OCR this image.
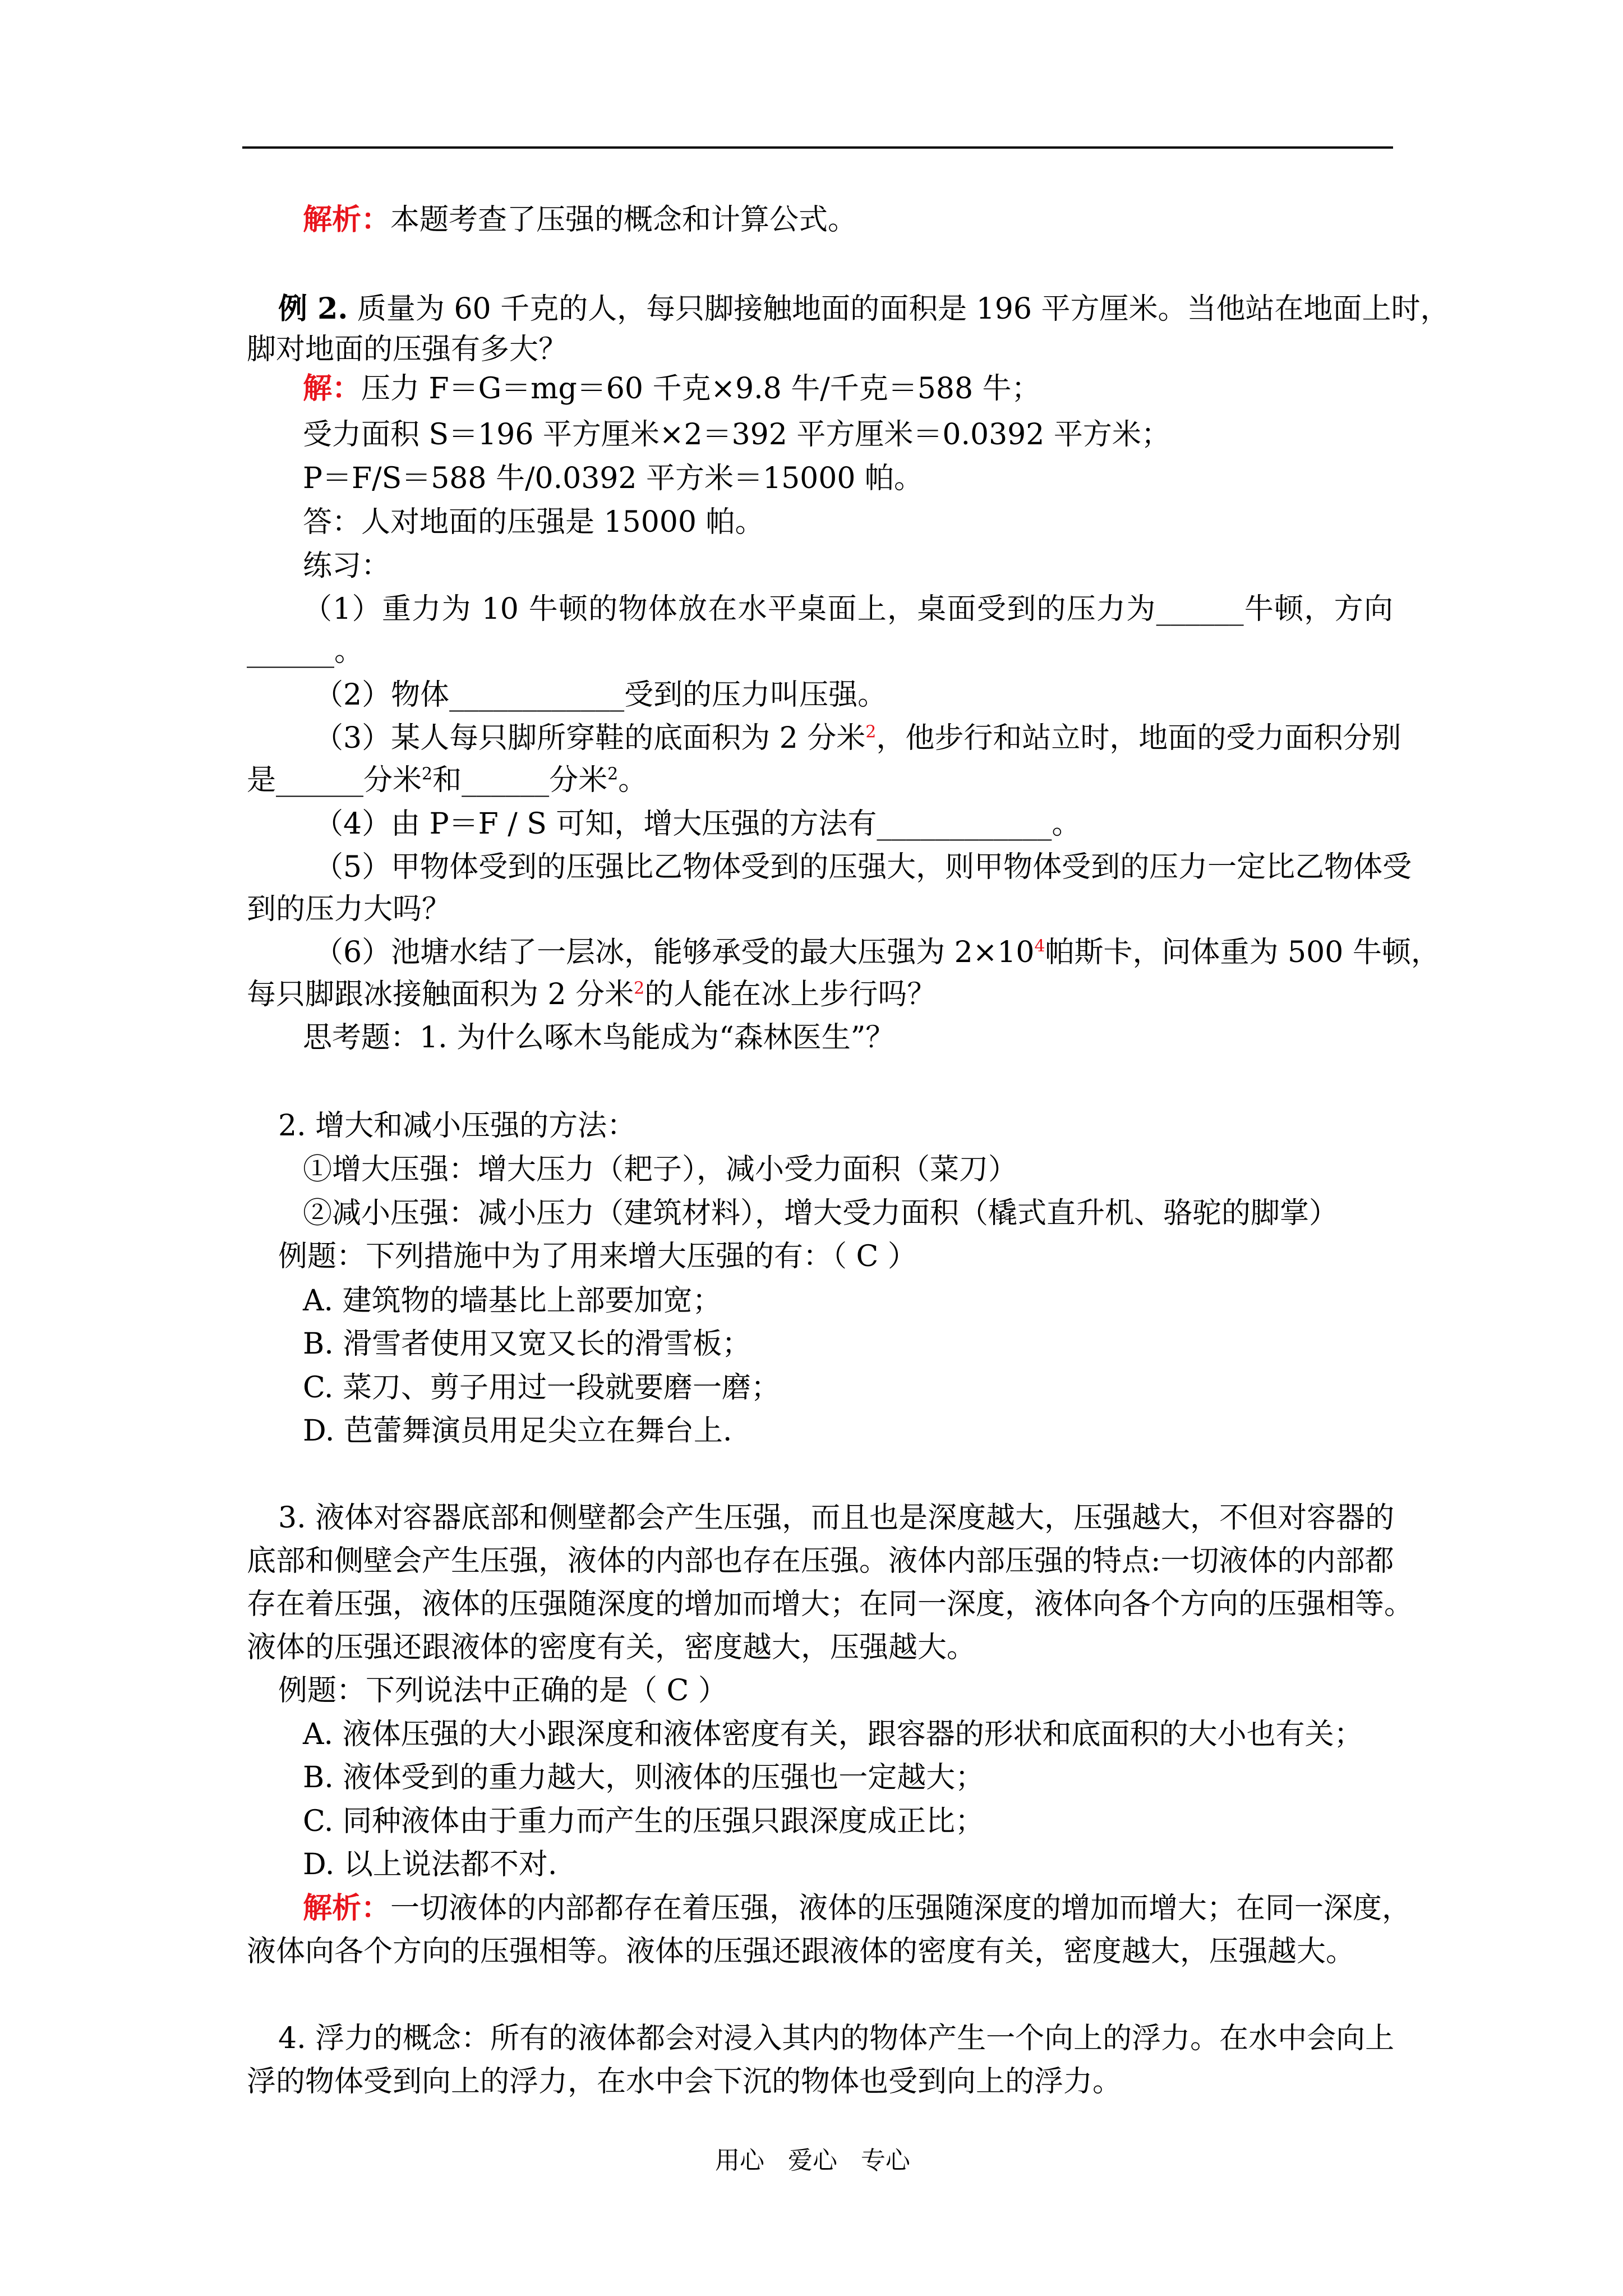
解析：本题考查了压强的概念和计算公式。
例 2. 质量为 60 千克的人，每只脚接触地面的面积是 196 平方厘米。当他站在地面上时，
脚对地面的压强有多大？
解：压力 F＝G＝mg＝60 千克×9.8 牛/千克＝588 牛；
受力面积 S＝196 平方厘米×2＝392 平方厘米＝0.0392 平方米；
P＝F/S＝588 牛/0.0392 平方米＝15000 帕。
答：人对地面的压强是 15000 帕。
练习：
（1）重力为 10 牛顿的物体放在水平桌面上，桌面受到的压力为______牛顿，方向
______。
（2）物体____________受到的压力叫压强。
（3）某人每只脚所穿鞋的底面积为 2 分米$^2$，他步行和站立时，地面的受力面积分别
是______分米$^2$和______分米$^2$。
（4）由 P＝F / S 可知，增大压强的方法有____________。
（5）甲物体受到的压强比乙物体受到的压强大，则甲物体受到的压力一定比乙物体受
到的压力大吗？
（6）池塘水结了一层冰，能够承受的最大压强为 $2\times 10^4$帕斯卡，问体重为 500 牛顿，
每只脚跟冰接触面积为 2 分米$^2$的人能在冰上步行吗？
思考题：1. 为什么啄木鸟能成为“森林医生”？
2. 增大和减小压强的方法：
①增大压强：增大压力（耙子），减小受力面积（菜刀）
②减小压强：减小压力（建筑材料），增大受力面积（橇式直升机、骆驼的脚掌）
例题：下列措施中为了用来增大压强的有：（ C ）
A. 建筑物的墙基比上部要加宽；
B. 滑雪者使用又宽又长的滑雪板；
C. 菜刀、剪子用过一段就要磨一磨；
D. 芭蕾舞演员用足尖立在舞台上.
3. 液体对容器底部和侧壁都会产生压强，而且也是深度越大，压强越大，不但对容器的
底部和侧壁会产生压强，液体的内部也存在压强。液体内部压强的特点:一切液体的内部都
存在着压强，液体的压强随深度的增加而增大；在同一深度，液体向各个方向的压强相等。
液体的压强还跟液体的密度有关，密度越大，压强越大。
例题：下列说法中正确的是（ C ）
A. 液体压强的大小跟深度和液体密度有关，跟容器的形状和底面积的大小也有关；
B. 液体受到的重力越大，则液体的压强也一定越大；
C. 同种液体由于重力而产生的压强只跟深度成正比；
D. 以上说法都不对.
解析：一切液体的内部都存在着压强，液体的压强随深度的增加而增大；在同一深度，
液体向各个方向的压强相等。液体的压强还跟液体的密度有关，密度越大，压强越大。
4. 浮力的概念：所有的液体都会对浸入其内的物体产生一个向上的浮力。在水中会向上
浮的物体受到向上的浮力，在水中会下沉的物体也受到向上的浮力。
用心   爱心   专心
